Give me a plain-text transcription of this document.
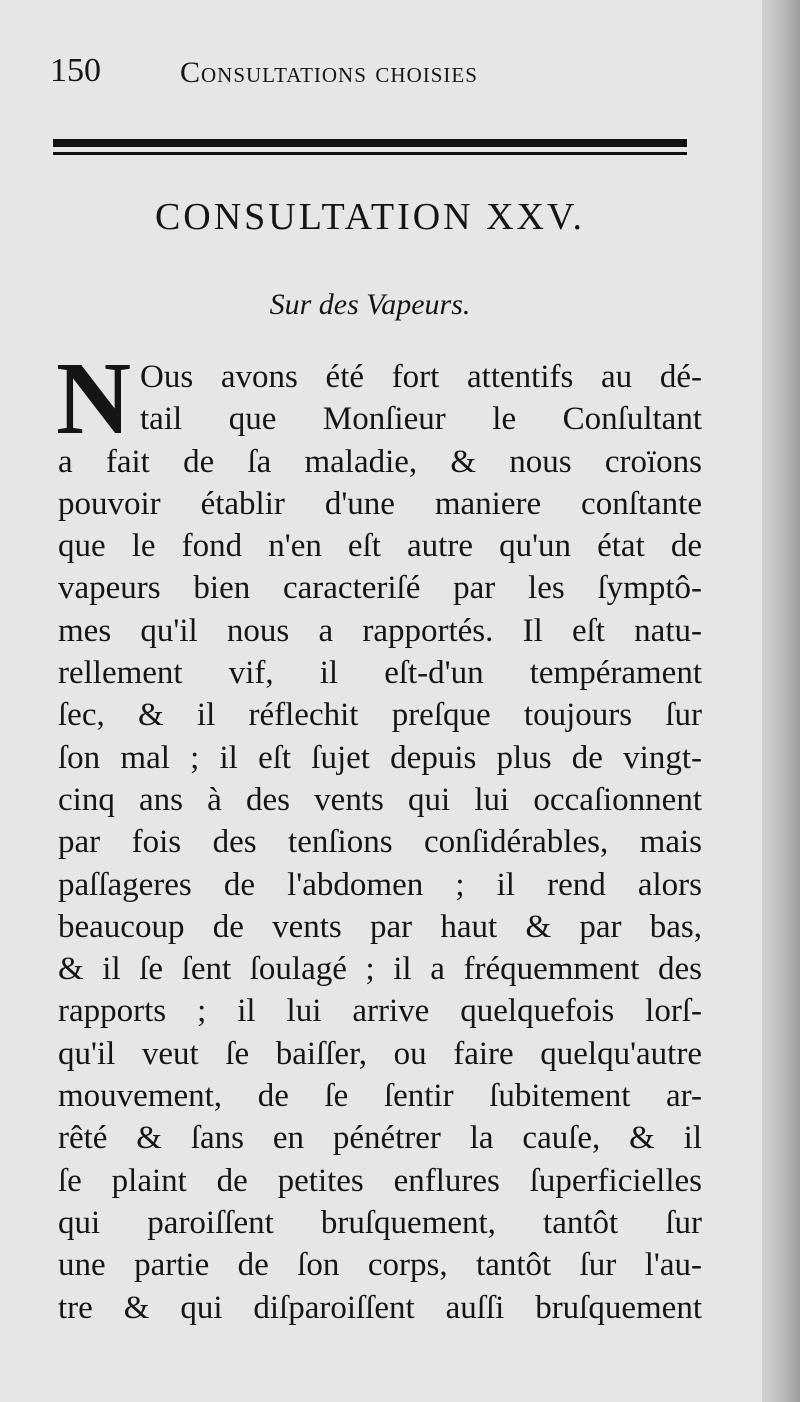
150	Consultations choisies
CONSULTATION XXV.
Sur des Vapeurs.
N Ous avons été fort attentifs au dé-
tail que Monſieur le Conſultant
a fait de ſa maladie, & nous croïons
pouvoir établir d'une maniere conſtante
que le fond n'en eſt autre qu'un état de
vapeurs bien caracteriſé par les ſymptô-
mes qu'il nous a rapportés. Il eſt natu-
rellement vif, il eſt-d'un tempérament
ſec, & il réflechit preſque toujours ſur
ſon mal ; il eſt ſujet depuis plus de vingt-
cinq ans à des vents qui lui occaſionnent
par fois des tenſions conſidérables, mais
paſſageres de l'abdomen ; il rend alors
beaucoup de vents par haut & par bas,
& il ſe ſent ſoulagé ; il a fréquemment des
rapports ; il lui arrive quelquefois lorſ-
qu'il veut ſe baiſſer, ou faire quelqu'autre
mouvement, de ſe ſentir ſubitement ar-
rêté & ſans en pénétrer la cauſe, & il
ſe plaint de petites enflures ſuperficielles
qui paroiſſent bruſquement, tantôt ſur
une partie de ſon corps, tantôt ſur l'au-
tre & qui diſparoiſſent auſſi bruſquement
